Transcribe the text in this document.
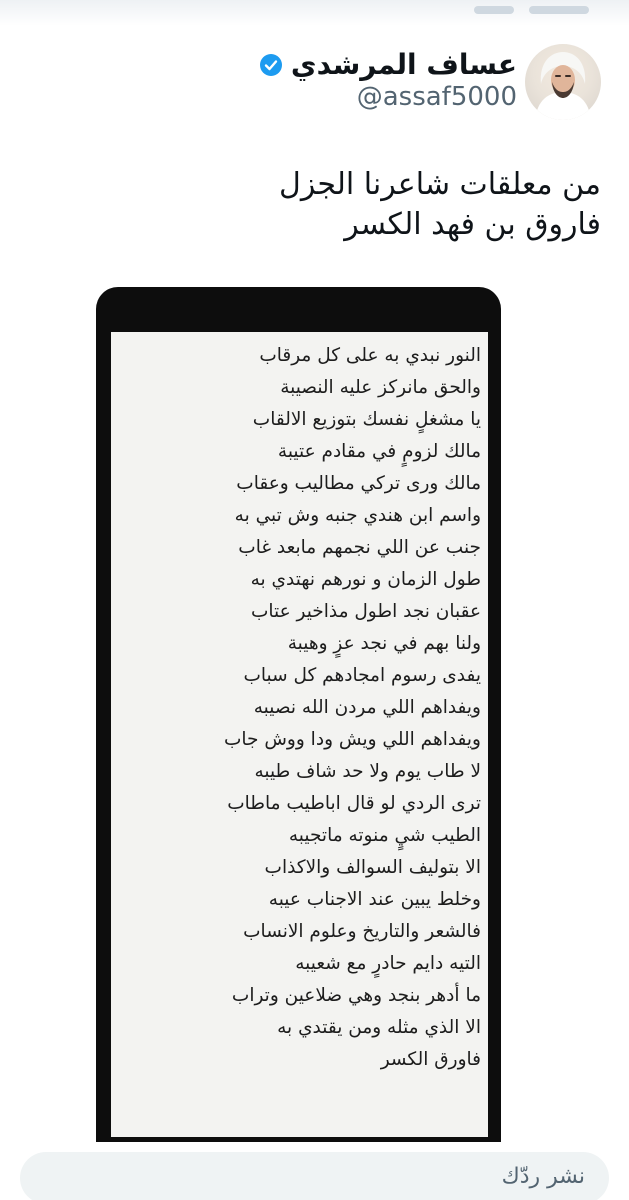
عساف المرشدي
@assaf5000
من معلقات شاعرنا الجزل
فاروق بن فهد الكسر
النور نبدي به على كل مرقاب
والحق مانركز عليه النصيبة
يا مشغلٍ نفسك بتوزيع الالقاب
مالك لزومٍ في مقادم عتيبة
مالك ورى تركي مطاليب وعقاب
واسم ابن هندي جنبه وش تبي به
جنب عن اللي نجمهم مابعد غاب
طول الزمان و نورهم نهتدي به
عقبان نجد اطول مذاخير عتاب
ولنا بهم في نجد عزٍ وهيبة
يفدى رسوم امجادهم كل سباب
ويفداهم اللي مردن الله نصيبه
ويفداهم اللي ويش ودا ووش جاب
لا طاب يوم ولا حد شاف طيبه
ترى الردي لو قال اباطيب ماطاب
الطيب شيٍ منوته ماتجيبه
الا بتوليف السوالف والاكذاب
وخلط يبين عند الاجناب عيبه
فالشعر والتاريخ وعلوم الانساب
التيه دايم حادرٍ مع شعيبه
ما أدهر بنجد وهي ضلاعين وتراب
الا الذي مثله ومن يقتدي به
فاورق الكسر
نشر ردّك
